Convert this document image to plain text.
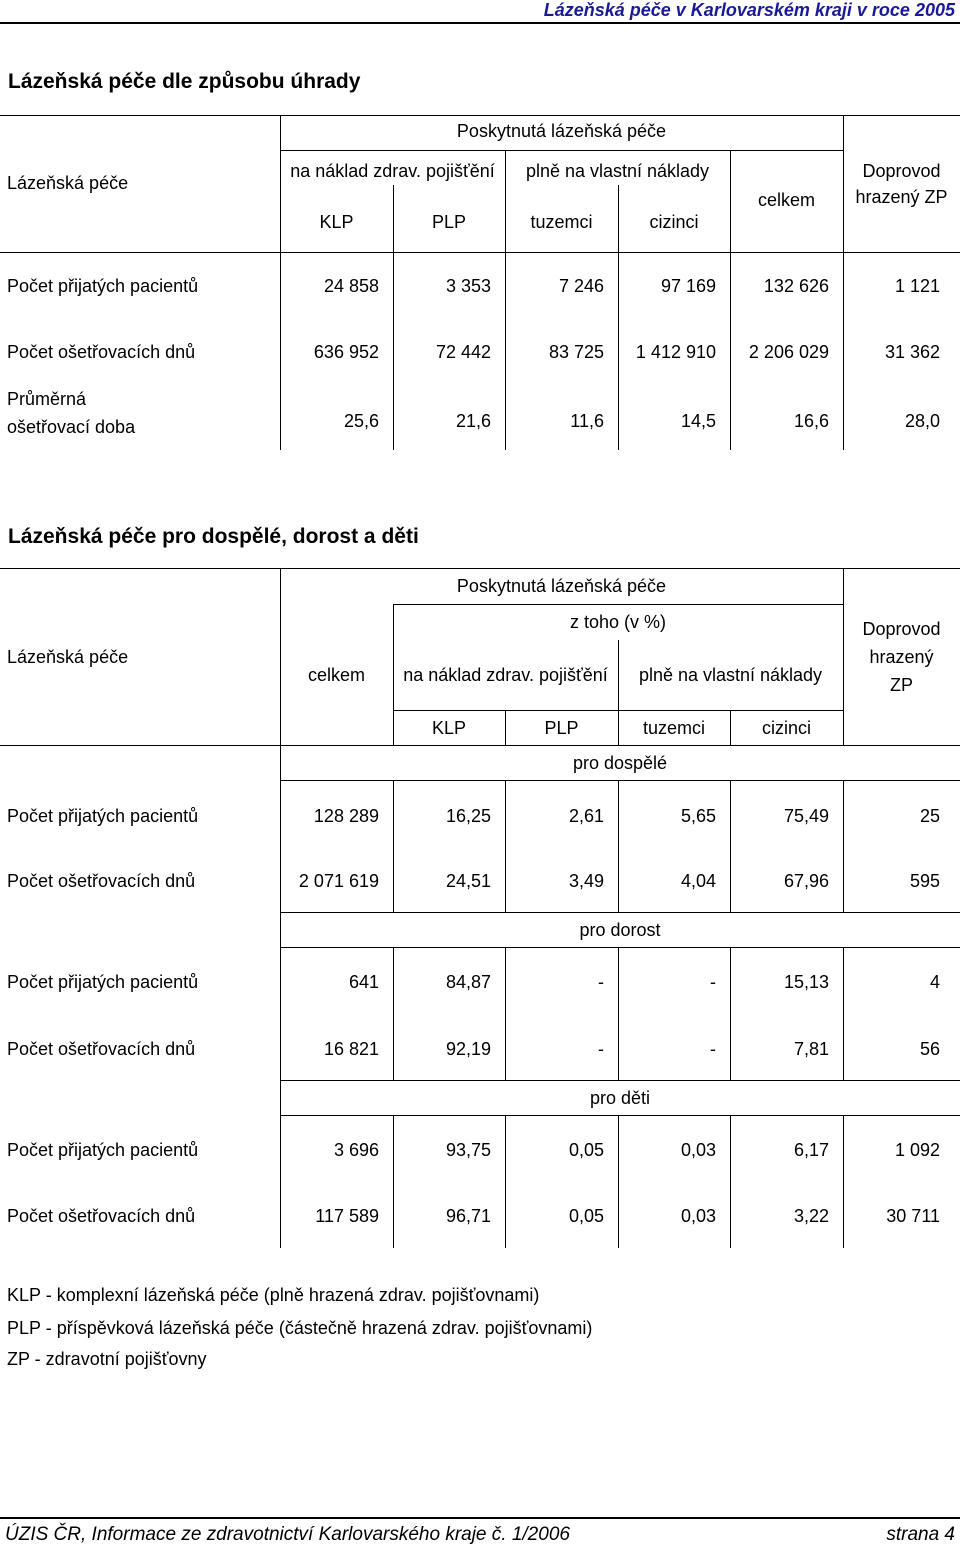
Lázeňská péče v Karlovarském kraji v roce 2005
Lázeňská péče dle způsobu úhrady
Lázeňská péče
Poskytnutá lázeňská péče
na náklad zdrav. pojišťění	plně na vlastní náklady
KLP	PLP	tuzemci	cizinci
celkem
Doprovod
hrazený ZP
Počet přijatých pacientů	24 858	3 353	7 246	97 169	132 626	1 121
Počet ošetřovacích dnů	636 952	72 442	83 725	1 412 910	2 206 029	31 362
Průměrná
ošetřovací doba	25,6	21,6	11,6	14,5	16,6	28,0
Lázeňská péče pro dospělé, dorost a děti
Lázeňská péče
Poskytnutá lázeňská péče
z toho (v %)
celkem	na náklad zdrav. pojišťění	plně na vlastní náklady
KLP	PLP	tuzemci	cizinci
Doprovod
hrazený
ZP
pro dospělé
Počet přijatých pacientů	128 289	16,25	2,61	5,65	75,49	25
Počet ošetřovacích dnů	2 071 619	24,51	3,49	4,04	67,96	595
pro dorost
Počet přijatých pacientů	641	84,87	-	-	15,13	4
Počet ošetřovacích dnů	16 821	92,19	-	-	7,81	56
pro děti
Počet přijatých pacientů	3 696	93,75	0,05	0,03	6,17	1 092
Počet ošetřovacích dnů	117 589	96,71	0,05	0,03	3,22	30 711
KLP - komplexní lázeňská péče (plně hrazená zdrav. pojišťovnami)
PLP - příspěvková lázeňská péče (částečně hrazená zdrav. pojišťovnami)
ZP - zdravotní pojišťovny
ÚZIS ČR, Informace ze zdravotnictví Karlovarského kraje č. 1/2006	strana 4
